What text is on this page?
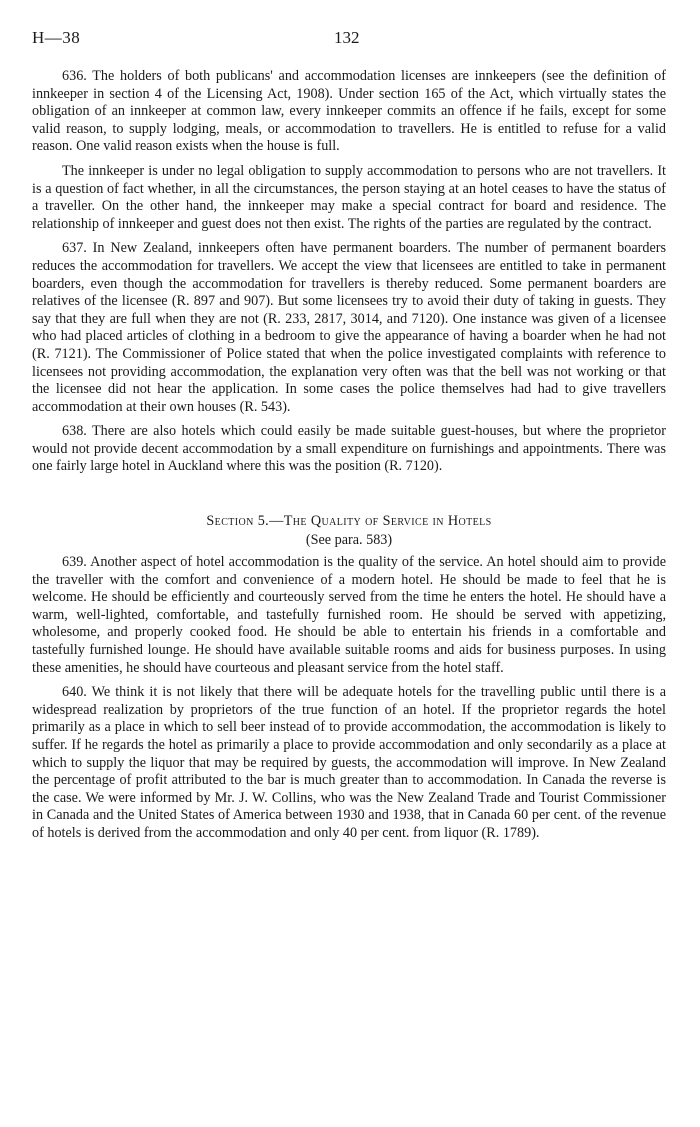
H—38	132

636. The holders of both publicans' and accommodation licenses are innkeepers (see the definition of innkeeper in section 4 of the Licensing Act, 1908). Under section 165 of the Act, which virtually states the obligation of an innkeeper at common law, every innkeeper commits an offence if he fails, except for some valid reason, to supply lodging, meals, or accommodation to travellers. He is entitled to refuse for a valid reason. One valid reason exists when the house is full.

The innkeeper is under no legal obligation to supply accommodation to persons who are not travellers. It is a question of fact whether, in all the circumstances, the person staying at an hotel ceases to have the status of a traveller. On the other hand, the innkeeper may make a special contract for board and residence. The relationship of innkeeper and guest does not then exist. The rights of the parties are regulated by the contract.

637. In New Zealand, innkeepers often have permanent boarders. The number of permanent boarders reduces the accommodation for travellers. We accept the view that licensees are entitled to take in permanent boarders, even though the accommodation for travellers is thereby reduced. Some permanent boarders are relatives of the licensee (R. 897 and 907). But some licensees try to avoid their duty of taking in guests. They say that they are full when they are not (R. 233, 2817, 3014, and 7120). One instance was given of a licensee who had placed articles of clothing in a bedroom to give the appearance of having a boarder when he had not (R. 7121). The Commissioner of Police stated that when the police investigated complaints with reference to licensees not providing accommodation, the explanation very often was that the bell was not working or that the licensee did not hear the application. In some cases the police themselves had had to give travellers accommodation at their own houses (R. 543).

638. There are also hotels which could easily be made suitable guest-houses, but where the proprietor would not provide decent accommodation by a small expenditure on furnishings and appointments. There was one fairly large hotel in Auckland where this was the position (R. 7120).

Section 5.—The Quality of Service in Hotels
(See para. 583)

639. Another aspect of hotel accommodation is the quality of the service. An hotel should aim to provide the traveller with the comfort and convenience of a modern hotel. He should be made to feel that he is welcome. He should be efficiently and courteously served from the time he enters the hotel. He should have a warm, well-lighted, comfortable, and tastefully furnished room. He should be served with appetizing, wholesome, and properly cooked food. He should be able to entertain his friends in a comfortable and tastefully furnished lounge. He should have available suitable rooms and aids for business purposes. In using these amenities, he should have courteous and pleasant service from the hotel staff.

640. We think it is not likely that there will be adequate hotels for the travelling public until there is a widespread realization by proprietors of the true function of an hotel. If the proprietor regards the hotel primarily as a place in which to sell beer instead of to provide accommodation, the accommodation is likely to suffer. If he regards the hotel as primarily a place to provide accommodation and only secondarily as a place at which to supply the liquor that may be required by guests, the accommodation will improve. In New Zealand the percentage of profit attributed to the bar is much greater than to accommodation. In Canada the reverse is the case. We were informed by Mr. J. W. Collins, who was the New Zealand Trade and Tourist Commissioner in Canada and the United States of America between 1930 and 1938, that in Canada 60 per cent. of the revenue of hotels is derived from the accommodation and only 40 per cent. from liquor (R. 1789).
